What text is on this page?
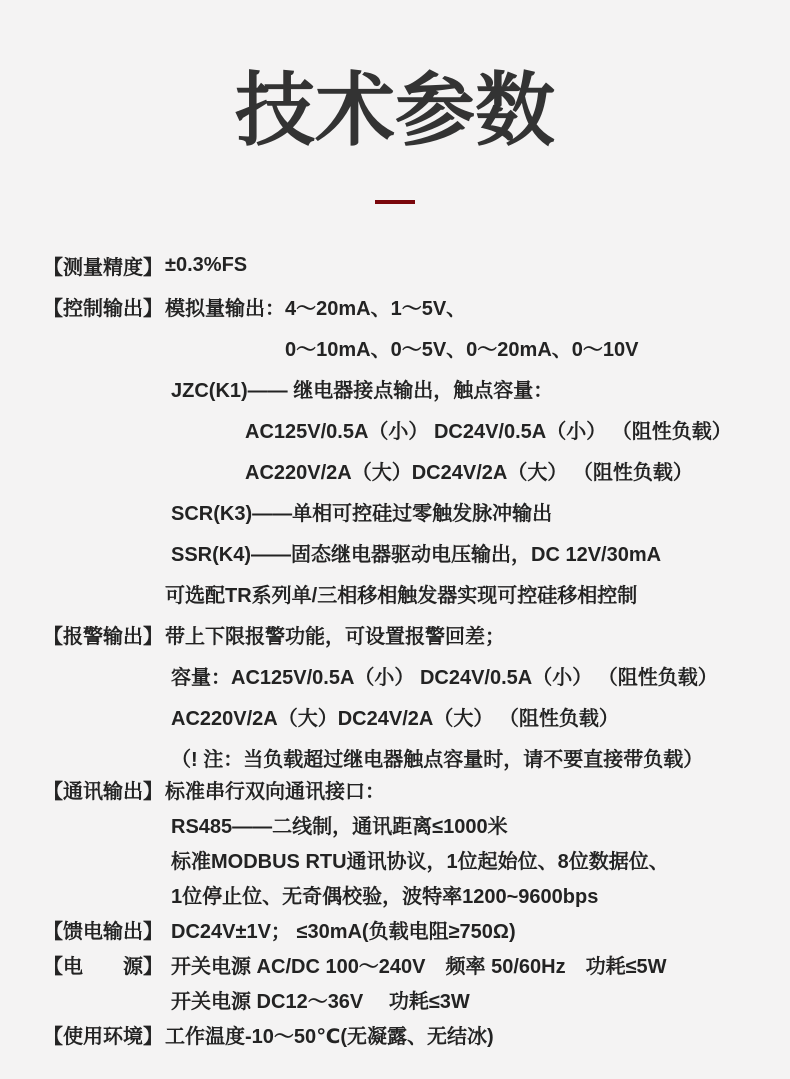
技术参数
【测量精度】 ±0.3%FS
【控制输出】 模拟量输出：4～20mA、1～5V、
0～10mA、0～5V、0～20mA、0～10V
JZC(K1)—— 继电器接点输出，触点容量：
AC125V/0.5A（小） DC24V/0.5A（小） （阻性负载）
AC220V/2A（大）DC24V/2A（大） （阻性负载）
SCR(K3)——单相可控硅过零触发脉冲输出
SSR(K4)——固态继电器驱动电压输出，DC 12V/30mA
可选配TR系列单/三相移相触发器实现可控硅移相控制
【报警输出】 带上下限报警功能，可设置报警回差；
容量：AC125V/0.5A（小） DC24V/0.5A（小） （阻性负载）
AC220V/2A（大）DC24V/2A（大） （阻性负载）
（! 注：当负载超过继电器触点容量时，请不要直接带负载）
【通讯输出】 标准串行双向通讯接口：
RS485——二线制，通讯距离≤1000米
标准MODBUS RTU通讯协议，1位起始位、8位数据位、
1位停止位、无奇偶校验，波特率1200~9600bps
【馈电输出】 DC24V±1V； ≤30mA(负载电阻≥750Ω)
【电　　源】 开关电源 AC/DC 100～240V　频率 50/60Hz　功耗≤5W
开关电源 DC12～36V　 功耗≤3W
【使用环境】 工作温度-10～50℃(无凝露、无结冰)
